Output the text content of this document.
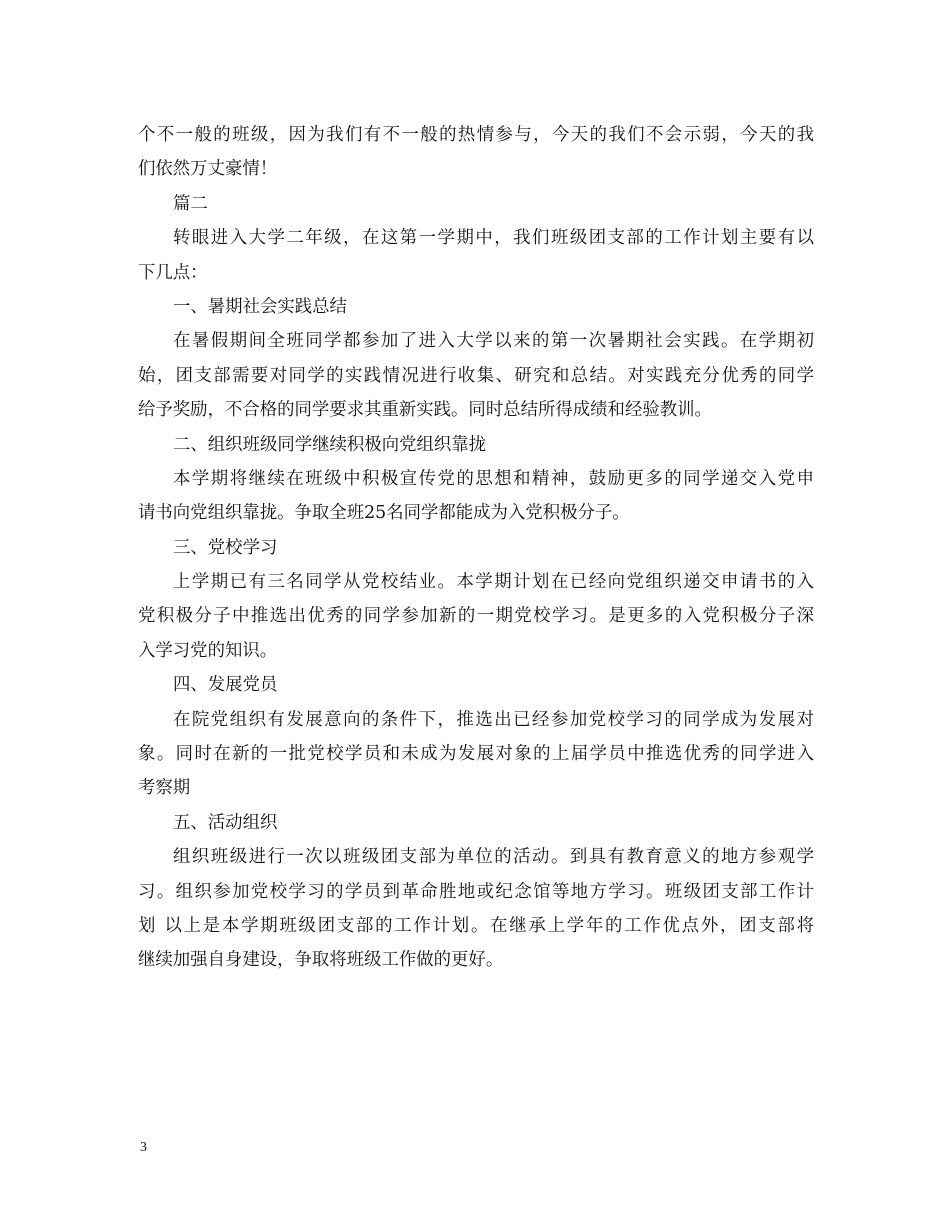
个不一般的班级，因为我们有不一般的热情参与，今天的我们不会示弱，今天的我
们依然万丈豪情！
篇二
转眼进入大学二年级，在这第一学期中，我们班级团支部的工作计划主要有以
下几点：
一、暑期社会实践总结
在暑假期间全班同学都参加了进入大学以来的第一次暑期社会实践。在学期初
始，团支部需要对同学的实践情况进行收集、研究和总结。对实践充分优秀的同学
给予奖励，不合格的同学要求其重新实践。同时总结所得成绩和经验教训。
二、组织班级同学继续积极向党组织靠拢
本学期将继续在班级中积极宣传党的思想和精神，鼓励更多的同学递交入党申
请书向党组织靠拢。争取全班25名同学都能成为入党积极分子。
三、党校学习
上学期已有三名同学从党校结业。本学期计划在已经向党组织递交申请书的入
党积极分子中推选出优秀的同学参加新的一期党校学习。是更多的入党积极分子深
入学习党的知识。
四、发展党员
在院党组织有发展意向的条件下，推选出已经参加党校学习的同学成为发展对
象。同时在新的一批党校学员和未成为发展对象的上届学员中推选优秀的同学进入
考察期
五、活动组织
组织班级进行一次以班级团支部为单位的活动。到具有教育意义的地方参观学
习。组织参加党校学习的学员到革命胜地或纪念馆等地方学习。班级团支部工作计
划 以上是本学期班级团支部的工作计划。在继承上学年的工作优点外，团支部将
继续加强自身建设，争取将班级工作做的更好。
3
